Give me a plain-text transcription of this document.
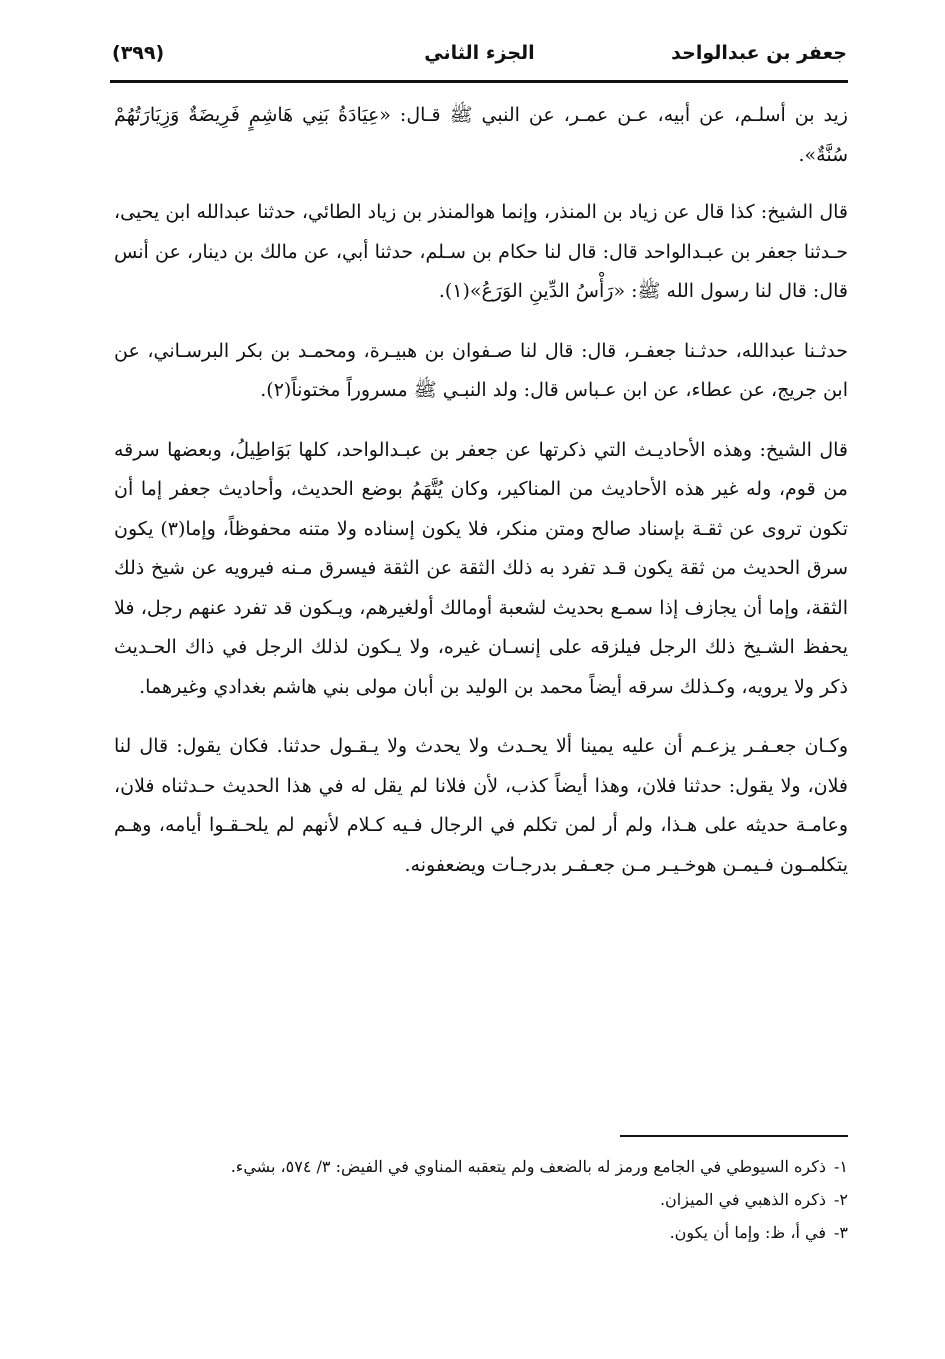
جعفر بن عبدالواحد
الجزء الثاني
(٣٩٩)

زيد بن أسلـم، عن أبيه، عـن عمـر، عن النبي ﷺ قـال: «عِيَادَةُ بَنِي هَاشِمٍ فَرِيضَةٌ وَزِيَارَتُهُمْ سُنَّةٌ».

قال الشيخ: كذا قال عن زياد بن المنذر، وإنما هوالمنذر بن زياد الطائي، حدثنا عبدالله ابن يحيى، حـدثنا جعفر بن عبـدالواحد قال: قال لنا حكام بن سـلم، حدثنا أبي، عن مالك بن دينار، عن أنس قال: قال لنا رسول الله ﷺ: «رَأْسُ الدِّينِ الوَرَعُ»(١).

حدثـنا عبدالله، حدثـنا جعفـر، قال: قال لنا صـفوان بن هبيـرة، ومحمـد بن بكر البرسـاني، عن ابن جريج، عن عطاء، عن ابن عـباس قال: ولد النبـي ﷺ مسروراً مختوناً(٢).

قال الشيخ: وهذه الأحاديـث التي ذكرتها عن جعفر بن عبـدالواحد، كلها بَوَاطِيلُ، وبعضها سرقه من قوم، وله غير هذه الأحاديث من المناكير، وكان يُتَّهَمُ بوضع الحديث، وأحاديث جعفر إما أن تكون تروى عن ثقـة بإسناد صالح ومتن منكر، فلا يكون إسناده ولا متنه محفوظاً، وإما(٣) يكون سرق الحديث من ثقة يكون قـد تفرد به ذلك الثقة عن الثقة فيسرق مـنه فيرويه عن شيخ ذلك الثقة، وإما أن يجازف إذا سمـع بحديث لشعبة أومالك أولغيرهم، ويـكون قد تفرد عنهم رجل، فلا يحفظ الشـيخ ذلك الرجل فيلزقه على إنسـان غيره، ولا يـكون لذلك الرجل في ذاك الحـديث ذكر ولا يرويه، وكـذلك سرقه أيضاً محمد بن الوليد بن أبان مولى بني هاشم بغدادي وغيرهما.

وكـان جعـفـر يزعـم أن عليه يمينا ألا يحـدث ولا يحدث ولا يـقـول حدثنا. فكان يقول: قال لنا فلان، ولا يقول: حدثنا فلان، وهذا أيضاً كذب، لأن فلانا لم يقل له في هذا الحديث حـدثناه فلان، وعامـة حديثه على هـذا، ولم أر لمن تكلم في الرجال فـيه كـلام لأنهم لم يلحـقـوا أيامه، وهـم يتكلمـون فـيمـن هوخـيـر مـن جعـفـر بدرجـات ويضعفونه.

١-ذكره السيوطي في الجامع ورمز له بالضعف ولم يتعقبه المناوي في الفيض: ٣/ ٥٧٤، بشيء.

٢-ذكره الذهبي في الميزان.

٣-في أ، ظ: وإما أن يكون.
